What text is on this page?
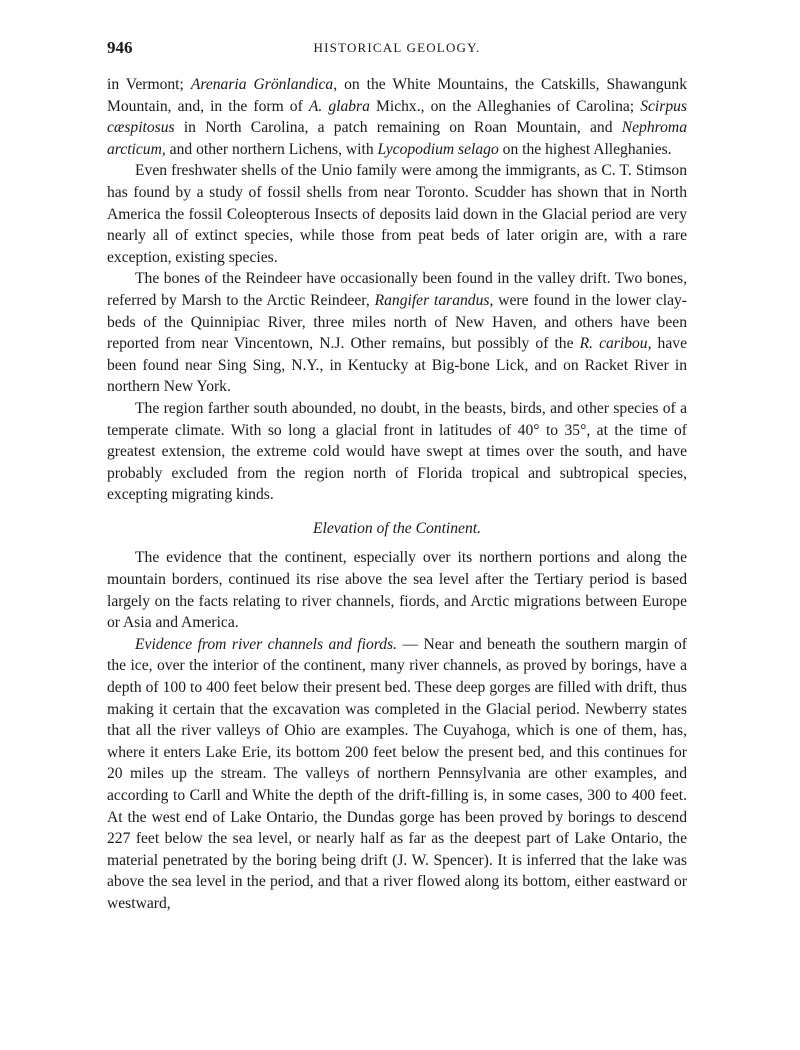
946	HISTORICAL GEOLOGY.

in Vermont; Arenaria Grönlandica, on the White Mountains, the Catskills, Shawangunk Mountain, and, in the form of A. glabra Michx., on the Alleghanies of Carolina; Scirpus cæspitosus in North Carolina, a patch remaining on Roan Mountain, and Nephroma arcticum, and other northern Lichens, with Lycopodium selago on the highest Alleghanies.

Even freshwater shells of the Unio family were among the immigrants, as C. T. Stimson has found by a study of fossil shells from near Toronto. Scudder has shown that in North America the fossil Coleopterous Insects of deposits laid down in the Glacial period are very nearly all of extinct species, while those from peat beds of later origin are, with a rare exception, existing species.

The bones of the Reindeer have occasionally been found in the valley drift. Two bones, referred by Marsh to the Arctic Reindeer, Rangifer tarandus, were found in the lower clay-beds of the Quinnipiac River, three miles north of New Haven, and others have been reported from near Vincentown, N.J. Other remains, but possibly of the R. caribou, have been found near Sing Sing, N.Y., in Kentucky at Big-bone Lick, and on Racket River in northern New York.

The region farther south abounded, no doubt, in the beasts, birds, and other species of a temperate climate. With so long a glacial front in latitudes of 40° to 35°, at the time of greatest extension, the extreme cold would have swept at times over the south, and have probably excluded from the region north of Florida tropical and subtropical species, excepting migrating kinds.

Elevation of the Continent.

The evidence that the continent, especially over its northern portions and along the mountain borders, continued its rise above the sea level after the Tertiary period is based largely on the facts relating to river channels, fiords, and Arctic migrations between Europe or Asia and America.

Evidence from river channels and fiords. — Near and beneath the southern margin of the ice, over the interior of the continent, many river channels, as proved by borings, have a depth of 100 to 400 feet below their present bed. These deep gorges are filled with drift, thus making it certain that the excavation was completed in the Glacial period. Newberry states that all the river valleys of Ohio are examples. The Cuyahoga, which is one of them, has, where it enters Lake Erie, its bottom 200 feet below the present bed, and this continues for 20 miles up the stream. The valleys of northern Pennsylvania are other examples, and according to Carll and White the depth of the drift-filling is, in some cases, 300 to 400 feet. At the west end of Lake Ontario, the Dundas gorge has been proved by borings to descend 227 feet below the sea level, or nearly half as far as the deepest part of Lake Ontario, the material penetrated by the boring being drift (J. W. Spencer). It is inferred that the lake was above the sea level in the period, and that a river flowed along its bottom, either eastward or westward,
